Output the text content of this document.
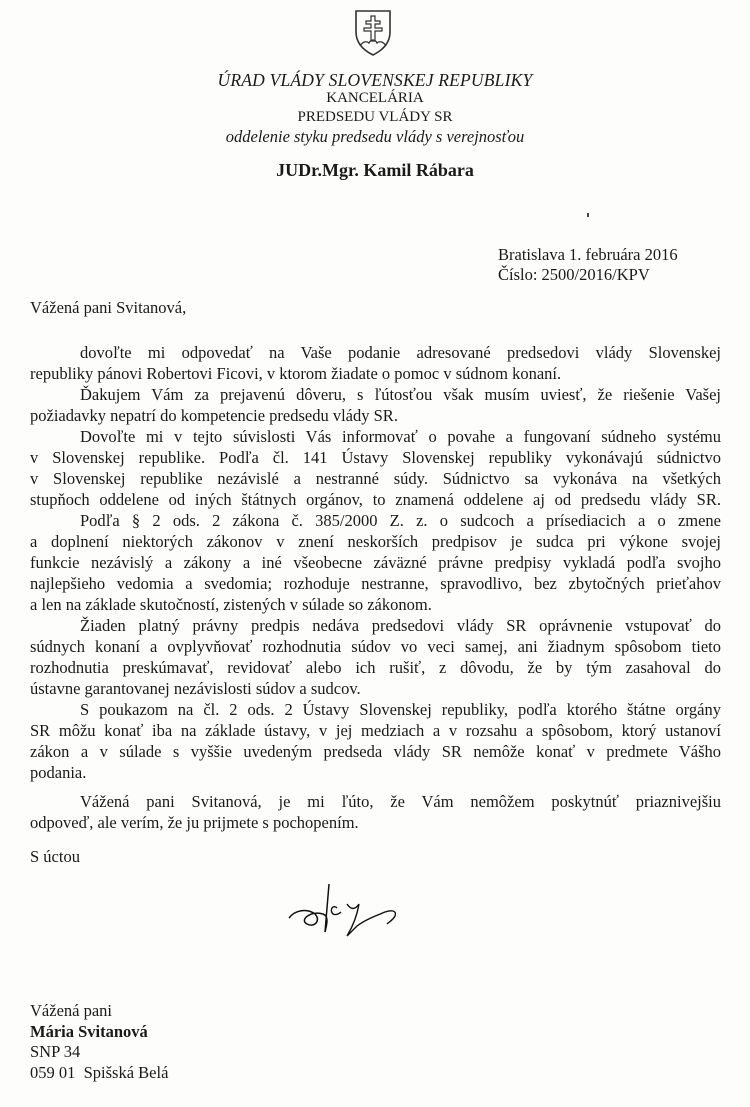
ÚRAD VLÁDY SLOVENSKEJ REPUBLIKY
KANCELÁRIA
PREDSEDU VLÁDY SR
oddelenie styku predsedu vlády s verejnosťou
JUDr.Mgr. Kamil Rábara
Bratislava 1. februára 2016
Číslo: 2500/2016/KPV
Vážená pani Svitanová,
dovoľte mi odpovedať na Vaše podanie adresované predsedovi vlády Slovenskej
republiky pánovi Robertovi Ficovi, v ktorom žiadate o pomoc v súdnom konaní.
Ďakujem Vám za prejavenú dôveru, s ľútosťou však musím uviesť, že riešenie Vašej
požiadavky nepatrí do kompetencie predsedu vlády SR.
Dovoľte mi v tejto súvislosti Vás informovať o povahe a fungovaní súdneho systému
v Slovenskej republike. Podľa čl. 141 Ústavy Slovenskej republiky vykonávajú súdnictvo
v Slovenskej republike nezávislé a nestranné súdy. Súdnictvo sa vykonáva na všetkých
stupňoch oddelene od iných štátnych orgánov, to znamená oddelene aj od predsedu vlády SR.
Podľa § 2 ods. 2 zákona č. 385/2000 Z. z. o sudcoch a prísediacich a o zmene
a doplnení niektorých zákonov v znení neskorších predpisov je sudca pri výkone svojej
funkcie nezávislý a zákony a iné všeobecne záväzné právne predpisy vykladá podľa svojho
najlepšieho vedomia a svedomia; rozhoduje nestranne, spravodlivo, bez zbytočných prieťahov
a len na základe skutočností, zistených v súlade so zákonom.
Žiaden platný právny predpis nedáva predsedovi vlády SR oprávnenie vstupovať do
súdnych konaní a ovplyvňovať rozhodnutia súdov vo veci samej, ani žiadnym spôsobom tieto
rozhodnutia preskúmavať, revidovať alebo ich rušiť, z dôvodu, že by tým zasahoval do
ústavne garantovanej nezávislosti súdov a sudcov.
S poukazom na čl. 2 ods. 2 Ústavy Slovenskej republiky, podľa ktorého štátne orgány
SR môžu konať iba na základe ústavy, v jej medziach a v rozsahu a spôsobom, ktorý ustanoví
zákon a v súlade s vyššie uvedeným predseda vlády SR nemôže konať v predmete Vášho
podania.
Vážená pani Svitanová, je mi ľúto, že Vám nemôžem poskytnúť priaznivejšiu
odpoveď, ale verím, že ju prijmete s pochopením.
S úctou
Vážená pani
Mária Svitanová
SNP 34
059 01  Spišská Belá
